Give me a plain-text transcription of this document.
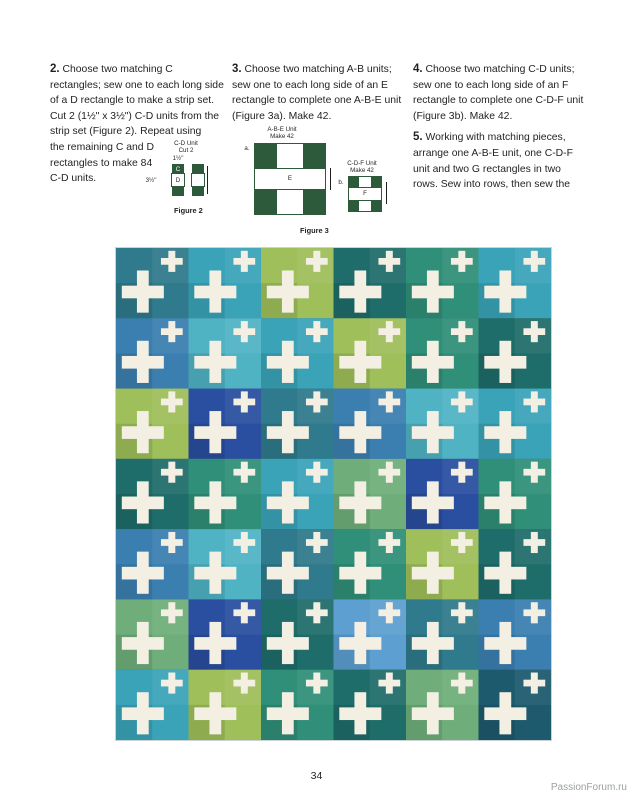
2. Choose two matching C rectangles; sew one to each long side of a D rectangle to make a strip set. Cut 2 (1½" x 3½") C-D units from the strip set (Figure 2). Repeat using

the remaining C and D rectangles to make 84 C-D units.

C-D Unit
Cut 2
1½"
3½"
C
D
Figure 2

3. Choose two matching A-B units; sew one to each long side of an E rectangle to complete one A-B-E unit (Figure 3a). Make 42.

A-B-E Unit
Make 42
a.
E
C-D-F Unit
Make 42
b.
F
Figure 3

4. Choose two matching C-D units; sew one to each long side of an F rectangle to complete one C-D-F unit (Figure 3b). Make 42.

5. Working with matching pieces, arrange one A-B-E unit, one C-D-F unit and two G rectangles in two rows. Sew into rows, then sew the

34
PassionForum.ru
